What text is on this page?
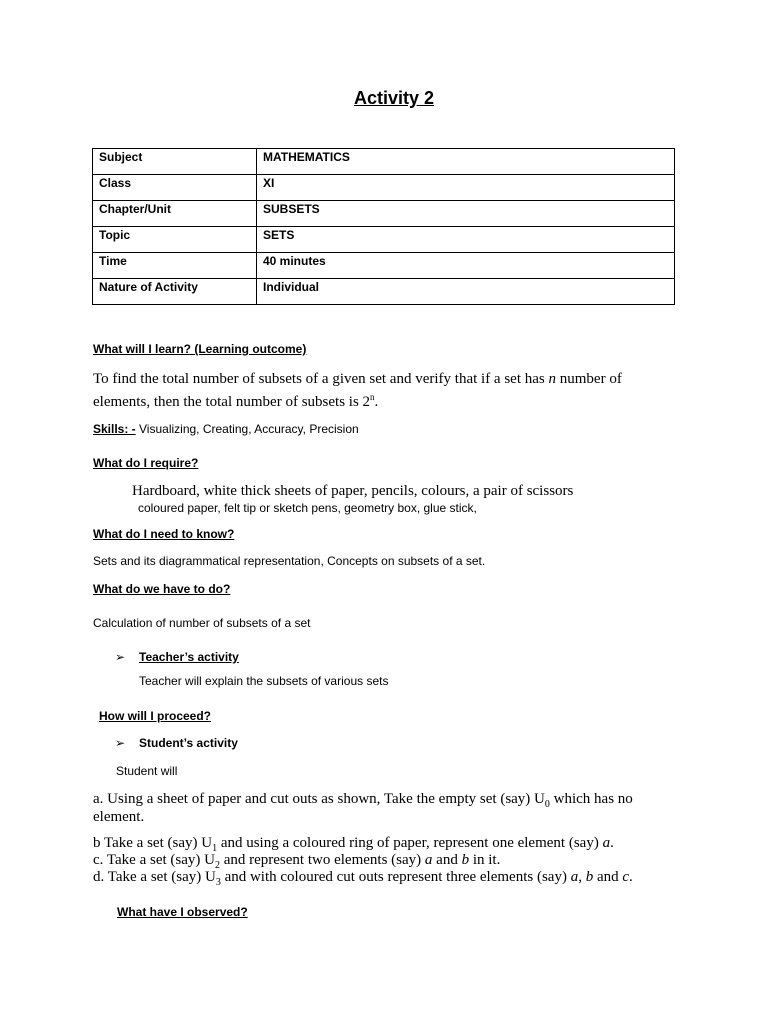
Activity 2
Subject	MATHEMATICS
Class	XI
Chapter/Unit	SUBSETS
Topic	SETS
Time	40 minutes
Nature of Activity	Individual
What will I learn? (Learning outcome)
To find the total number of subsets of a given set and verify that if a set has n number of
elements, then the total number of subsets is 2$^n$.
Skills: - Visualizing, Creating, Accuracy, Precision
What do I require?
Hardboard, white thick sheets of paper, pencils, colours, a pair of scissors
coloured paper, felt tip or sketch pens, geometry box, glue stick,
What do I need to know?
Sets and its diagrammatical representation, Concepts on subsets of a set.
What do we have to do?
Calculation of number of subsets of a set
➢ Teacher’s activity
Teacher will explain the subsets of various sets
How will I proceed?
➢ Student’s activity
Student will
a. Using a sheet of paper and cut outs as shown, Take the empty set (say) $U_0$ which has no
element.
b Take a set (say) $U_1$ and using a coloured ring of paper, represent one element (say) a.
c. Take a set (say) $U_2$ and represent two elements (say) a and b in it.
d. Take a set (say) $U_3$ and with coloured cut outs represent three elements (say) a, b and c.
What have I observed?
